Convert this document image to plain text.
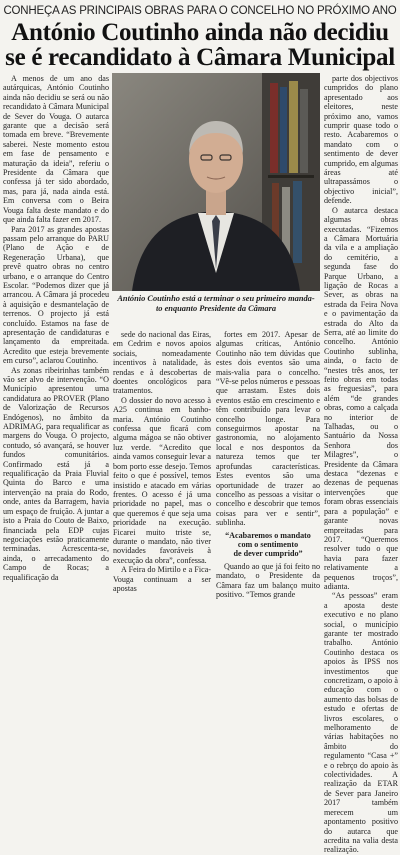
CONHEÇA AS PRINCIPAIS OBRAS PARA O CONCELHO NO PRÓXIMO ANO
António Coutinho ainda não decidiu
se é recandidato à Câmara Municipal

A menos de um ano das autárquicas, António Coutinho ainda não decidiu se será ou não recandidato à Câmara Municipal de Sever do Vouga. O autarca garante que a decisão será tomada em breve. “Brevemente saberei. Neste momento estou em fase de pensamento e maturação da ideia”, referiu o Presidente da Câmara que confessa já ter sido abordado, mas, para já, nada ainda está. Em conversa com o Beira Vouga falta deste mandato e do que ainda falta fazer em 2017.

Para 2017 as grandes apostas passam pelo arranque do PARU (Plano de Ação e de Regeneração Urbana), que prevê quatro obras no centro urbano, e o arranque do Centro Escolar. “Podemos dizer que já arrancou. A Câmara já procedeu à aquisição e desmantelação de terrenos. O projecto já está concluído. Estamos na fase de apresentação de candidaturas e lançamento da empreitada. Acredito que esteja brevemente em curso”, aclarou Coutinho.

As zonas ribeirinhas também vão ser alvo de intervenção. “O Município apresentou uma candidatura ao PROVER (Plano de Valorização de Recursos Endógenos), no âmbito da ADRIMAG, para requalificar as margens do Vouga. O projecto, contudo, só avançará, se houver fundos comunitários. Confirmado está já a requalificação da Praia Fluvial Quinta do Barco e uma intervenção na praia do Rodo, onde, antes da Barragem, havia um espaço de fruição. A juntar a isto a Praia do Couto de Baixo, financiada pela EDP cujas negociações estão praticamente terminadas. Acrescenta-se, ainda, o arrecadamento do Campo de Rocas; a requalificação da

António Coutinho está a terminar o seu primeiro manda-
to enquanto Presidente da Câmara

sede do nacional das Eiras, em Cedrim e novos apoios sociais, nomeadamente incentivos à natalidade, às rendas e à descobertas de doentes oncológicos para tratamentos.

O dossier do novo acesso à A25 continua em banho-maria. António Coutinho confessa que ficará com alguma mágoa se não obtiver luz verde. “Acredito que ainda vamos conseguir levar a bom porto esse desejo. Temos feito o que é possível, temos insistido e atacado em várias frentes. O acesso é já uma prioridade no papel, mas o que queremos é que seja uma prioridade na execução. Ficarei muito triste se, durante o mandato, não tiver novidades favoráveis à execução da obra”, confessa.

A Feira do Mirtilo e a Fica-Vouga continuam a ser apostas

fortes em 2017. Apesar de algumas críticas, António Coutinho não tem dúvidas que estes dois eventos são uma mais-valia para o concelho. “Vê-se pelos números e pessoas que arrastam. Estes dois eventos estão em crescimento e têm contribuído para levar o concelho longe. Para conseguirmos apostar na gastronomia, no alojamento local e nos despontos da natureza temos que ter aprofundas características. Estes eventos são uma oportunidade de trazer ao concelho as pessoas a visitar o concelho e descobrir que temos coisas para ver e sentir”, sublinha.

“Acabaremos o mandato
com o sentimento
de dever cumprido”

Quando ao que já foi feito no mandato, o Presidente da Câmara faz um balanço muito positivo. “Temos grande

parte dos objectivos cumpridos do plano apresentado aos eleitores, neste próximo ano, vamos cumprir quase todo o resto. Acabaremos o mandato com o sentimento de dever cumprido, em algumas áreas até ultrapassámos o objectivo inicial”, defende.

O autarca destaca algumas obras executadas. “Fizemos a Câmara Mortuária da vila e a ampliação do cemitério, a segunda fase do Parque Urbano, a ligação de Rocas a Sever, as obras na estrada da Feira Nova e o pavimentação da estrada do Alto da Serra, até ao limite do concelho. António Coutinho sublinha, ainda, o facto de “nestes três anos, ter feito obras em todas as freguesias”, para além “de grandes obras, como a calçada no interior de Talhadas, ou o Santuário da Nossa Senhora dos Milagres”, o Presidente da Câmara destaca “dezenas e dezenas de pequenas intervenções que foram obras essenciais para a população” e garante novas empreitadas para 2017. “Queremos resolver tudo o que havia para fazer relativamente a pequenos troços”, adianta.

“As pessoas” eram a aposta deste executivo e no plano social, o município garante ter mostrado trabalho. António Coutinho destaca os apoios às IPSS nos investimentos que concretizam, o apoio à educação com o aumento das bolsas de estudo e ofertas de livros escolares, o melhoramento de várias habitações no âmbito do regulamento “Casa +” e o rebrço do apoio às colectividades. A realização da ETAR de Sever para Janeiro 2017 também merecem um apontamento positivo do autarca que acredita na valia desta realização.
